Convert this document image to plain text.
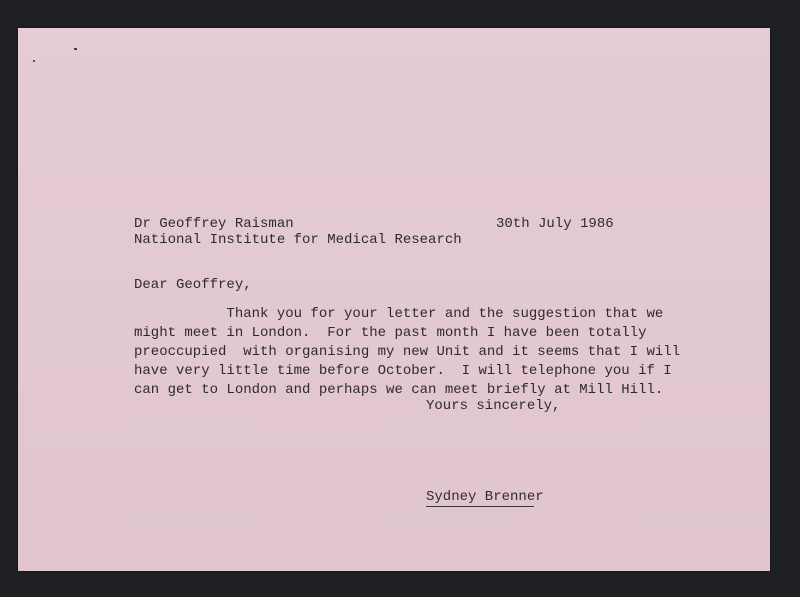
Dr Geoffrey Raisman
National Institute for Medical Research
30th July 1986
Dear Geoffrey,
Thank you for your letter and the suggestion that we
might meet in London.  For the past month I have been totally
preoccupied  with organising my new Unit and it seems that I will
have very little time before October.  I will telephone you if I
can get to London and perhaps we can meet briefly at Mill Hill.
Yours sincerely,
Sydney Brenner
